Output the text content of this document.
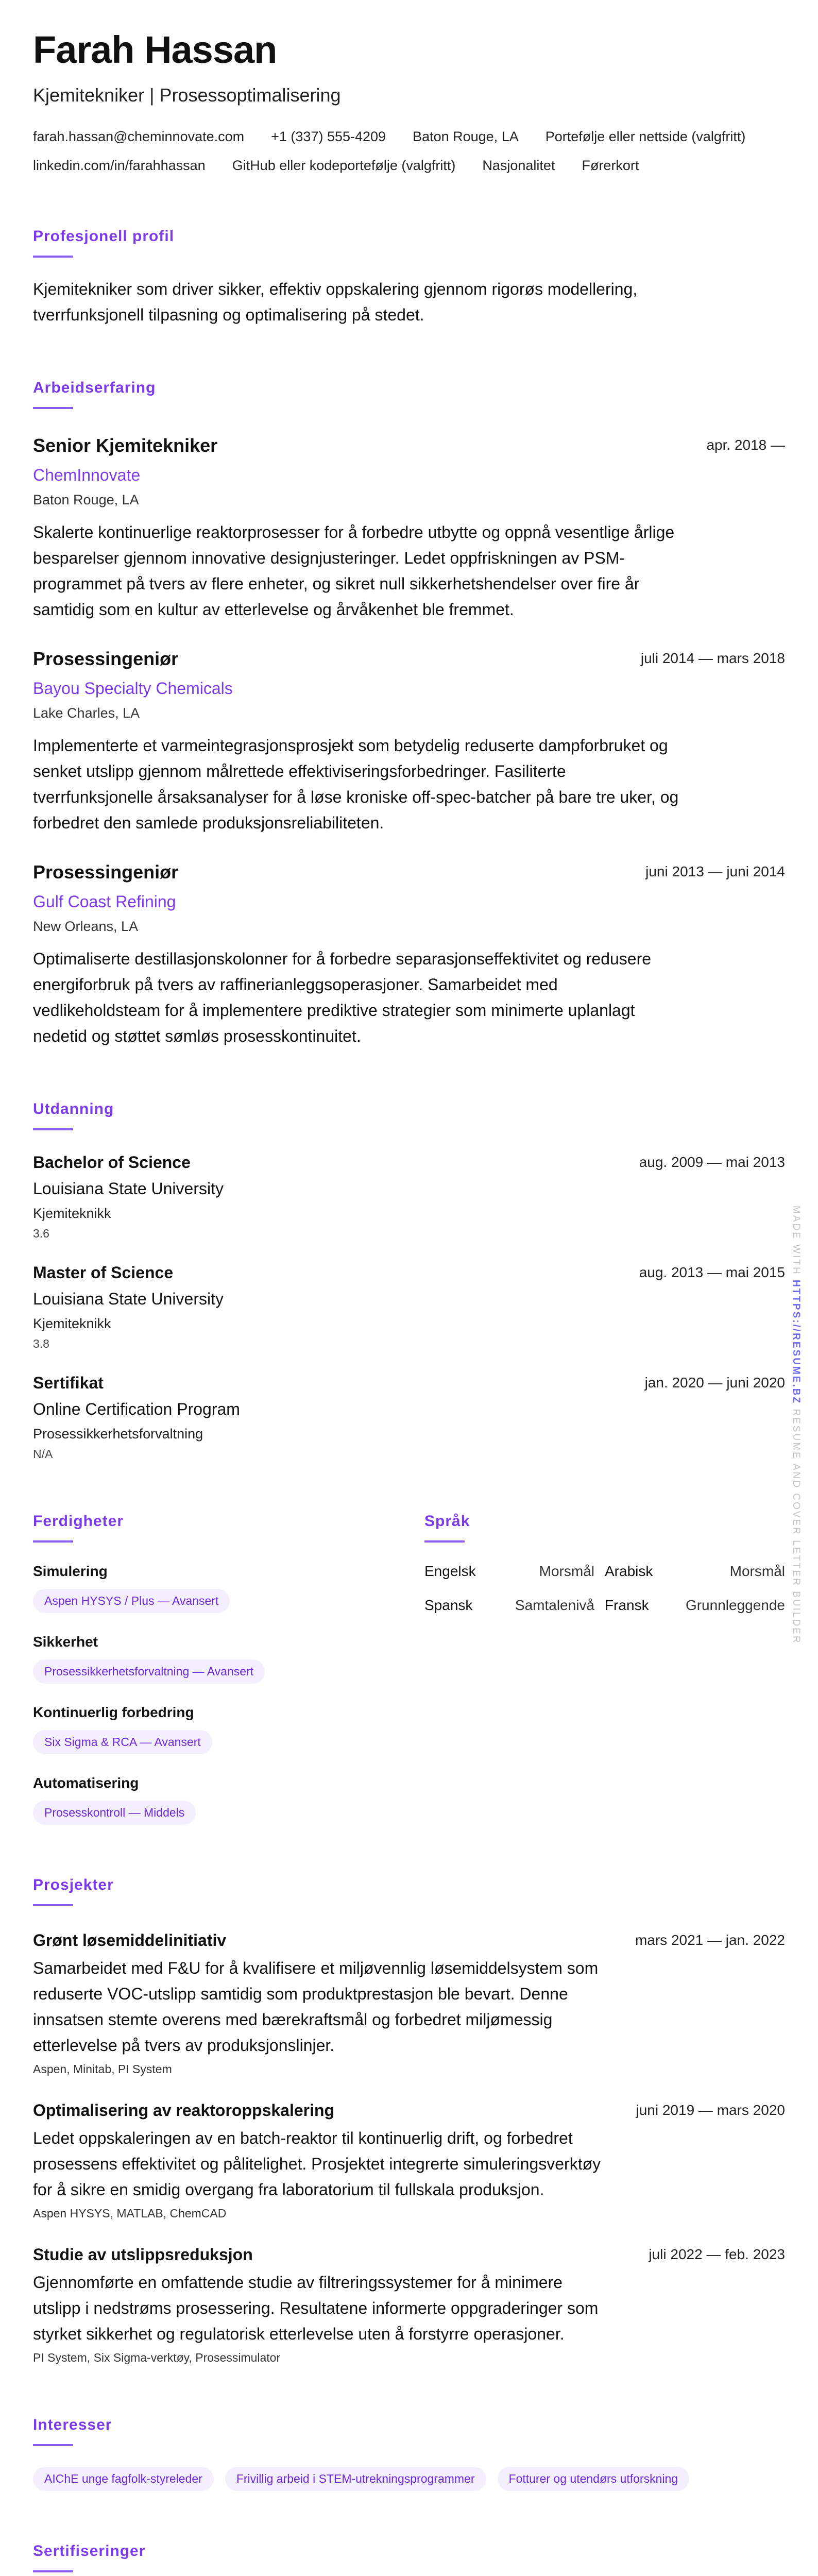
Farah Hassan
Kjemitekniker | Prosessoptimalisering
farah.hassan@cheminnovate.com +1 (337) 555-4209 Baton Rouge, LA Portefølje eller nettside (valgfritt)
linkedin.com/in/farahhassan GitHub eller kodeportefølje (valgfritt) Nasjonalitet Førerkort
Profesjonell profil
Kjemitekniker som driver sikker, effektiv oppskalering gjennom rigorøs modellering, tverrfunksjonell tilpasning og optimalisering på stedet.
Arbeidserfaring
Senior Kjemitekniker	apr. 2018 —
ChemInnovate
Baton Rouge, LA
Skalerte kontinuerlige reaktorprosesser for å forbedre utbytte og oppnå vesentlige årlige besparelser gjennom innovative designjusteringer. Ledet oppfriskningen av PSM-programmet på tvers av flere enheter, og sikret null sikkerhetshendelser over fire år samtidig som en kultur av etterlevelse og årvåkenhet ble fremmet.
Prosessingeniør	juli 2014 — mars 2018
Bayou Specialty Chemicals
Lake Charles, LA
Implementerte et varmeintegrasjonsprosjekt som betydelig reduserte dampforbruket og senket utslipp gjennom målrettede effektiviseringsforbedringer. Fasiliterte tverrfunksjonelle årsaksanalyser for å løse kroniske off-spec-batcher på bare tre uker, og forbedret den samlede produksjonsreliabiliteten.
Prosessingeniør	juni 2013 — juni 2014
Gulf Coast Refining
New Orleans, LA
Optimaliserte destillasjonskolonner for å forbedre separasjonseffektivitet og redusere energiforbruk på tvers av raffinerianleggsoperasjoner. Samarbeidet med vedlikeholdsteam for å implementere prediktive strategier som minimerte uplanlagt nedetid og støttet sømløs prosesskontinuitet.
Utdanning
Bachelor of Science	aug. 2009 — mai 2013
Louisiana State University
Kjemiteknikk
3.6
Master of Science	aug. 2013 — mai 2015
Louisiana State University
Kjemiteknikk
3.8
Sertifikat	jan. 2020 — juni 2020
Online Certification Program
Prosessikkerhetsforvaltning
N/A
Ferdigheter
Simulering
Aspen HYSYS / Plus — Avansert
Sikkerhet
Prosessikkerhetsforvaltning — Avansert
Kontinuerlig forbedring
Six Sigma & RCA — Avansert
Automatisering
Prosesskontroll — Middels
Språk
Engelsk	Morsmål Arabisk	Morsmål
Spansk	Samtalenivå Fransk	Grunnleggende
Prosjekter
Grønt løsemiddelinitiativ	mars 2021 — jan. 2022
Samarbeidet med F&U for å kvalifisere et miljøvennlig løsemiddelsystem som reduserte VOC-utslipp samtidig som produktprestasjon ble bevart. Denne innsatsen stemte overens med bærekraftsmål og forbedret miljømessig etterlevelse på tvers av produksjonslinjer.
Aspen, Minitab, PI System
Optimalisering av reaktoroppskalering	juni 2019 — mars 2020
Ledet oppskaleringen av en batch-reaktor til kontinuerlig drift, og forbedret prosessens effektivitet og pålitelighet. Prosjektet integrerte simuleringsverktøy for å sikre en smidig overgang fra laboratorium til fullskala produksjon.
Aspen HYSYS, MATLAB, ChemCAD
Studie av utslippsreduksjon	juli 2022 — feb. 2023
Gjennomførte en omfattende studie av filtreringssystemer for å minimere utslipp i nedstrøms prosessering. Resultatene informerte oppgraderinger som styrket sikkerhet og regulatorisk etterlevelse uten å forstyrre operasjoner.
PI System, Six Sigma-verktøy, Prosessimulator
Interesser
AIChE unge fagfolk-styreleder	Frivillig arbeid i STEM-utrekningsprogrammer	Fotturer og utendørs utforskning
Sertifiseringer
MADE WITH HTTPS://RESUME.BZ RESUME AND COVER LETTER BUILDER
